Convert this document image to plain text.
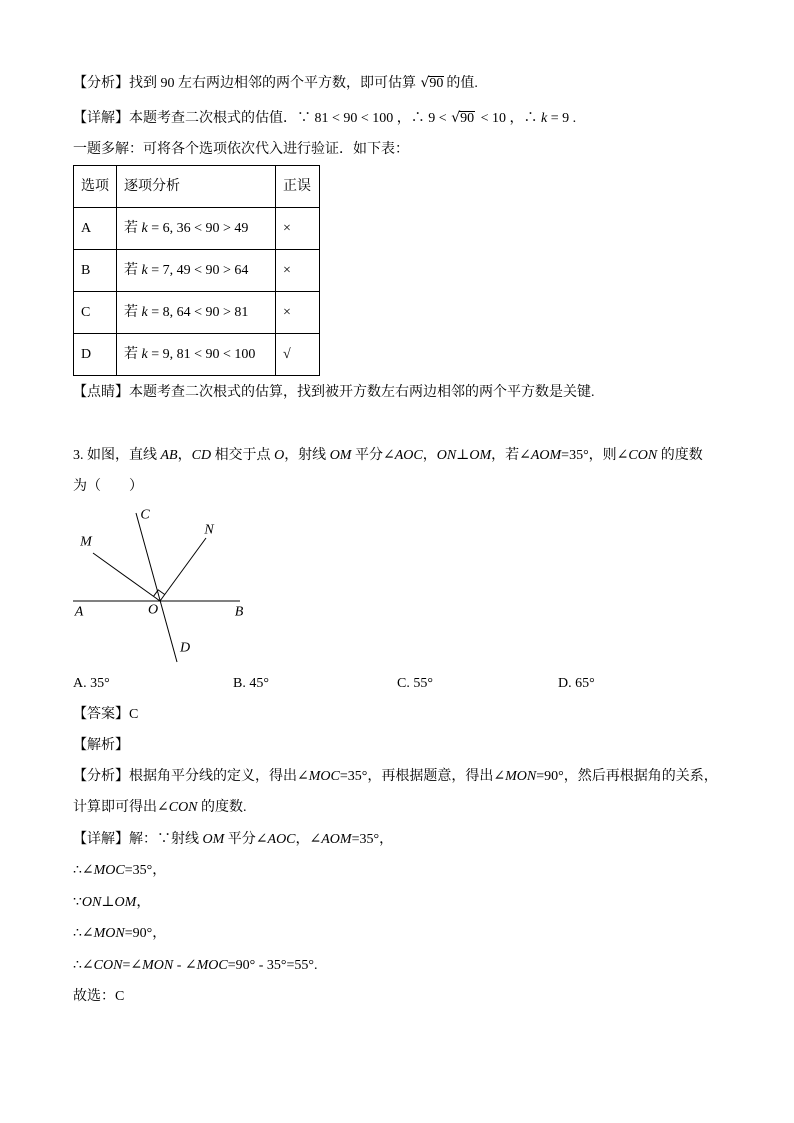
【分析】找到 90 左右两边相邻的两个平方数，即可估算 √90 的值.
【详解】本题考查二次根式的估值．∵ 81 < 90 < 100 ，∴ 9 < √90 < 10 ，∴ k = 9 .
一题多解：可将各个选项依次代入进行验证．如下表：
选项	逐项分析	正误
A	若 k = 6, 36 < 90 > 49	×
B	若 k = 7, 49 < 90 > 64	×
C	若 k = 8, 64 < 90 > 81	×
D	若 k = 9, 81 < 90 < 100	√
【点睛】本题考查二次根式的估算，找到被开方数左右两边相邻的两个平方数是关键.
3. 如图，直线 AB，CD 相交于点 O，射线 OM 平分∠AOC，ON⊥OM，若∠AOM=35°，则∠CON 的度数
为（　　）
M
C
N
A	O	B
D
A. 35°	B. 45°	C. 55°	D. 65°
【答案】C
【解析】
【分析】根据角平分线的定义，得出∠MOC=35°，再根据题意，得出∠MON=90°，然后再根据角的关系，
计算即可得出∠CON 的度数.
【详解】解：∵射线 OM 平分∠AOC，∠AOM=35°，
∴∠MOC=35°，
∵ON⊥OM，
∴∠MON=90°，
∴∠CON=∠MON - ∠MOC=90° - 35°=55°.
故选：C
